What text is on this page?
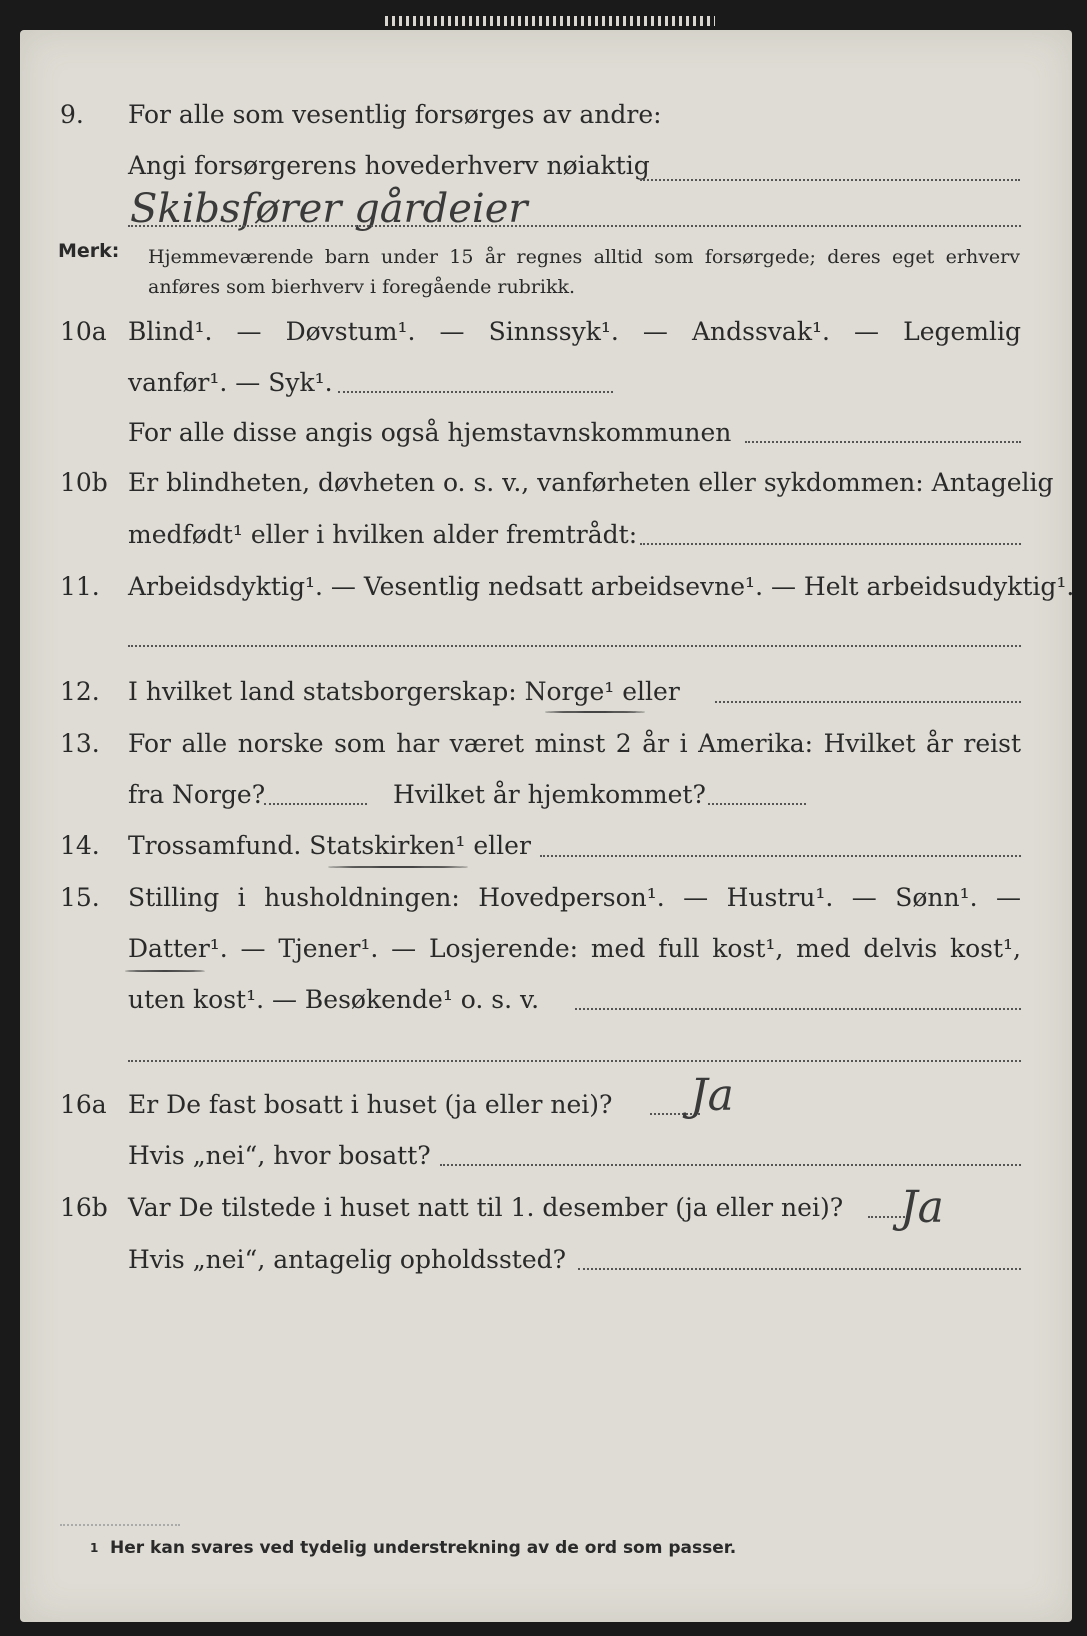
9. For alle som vesentlig forsørges av andre:
Angi forsørgerens hovederhverv nøiaktig
Skibsfører gårdeier
Merk: Hjemmeværende barn under 15 år regnes alltid som forsørgede; deres eget erhverv anføres som bierhverv i foregående rubrikk.
10a Blind¹. — Døvstum¹. — Sinnssyk¹. — Andssvak¹. — Legemlig
vanfør¹. — Syk¹.
For alle disse angis også hjemstavnskommunen
10b Er blindheten, døvheten o. s. v., vanførheten eller sykdommen: Antagelig
medfødt¹ eller i hvilken alder fremtrådt:
11. Arbeidsdyktig¹. — Vesentlig nedsatt arbeidsevne¹. — Helt arbeidsudyktig¹.
12. I hvilket land statsborgerskap: Norge¹ eller
13. For alle norske som har været minst 2 år i Amerika: Hvilket år reist
fra Norge?	Hvilket år hjemkommet?
14. Trossamfund. Statskirken¹ eller
15. Stilling i husholdningen: Hovedperson¹. — Hustru¹. — Sønn¹. —
Datter¹. — Tjener¹. — Losjerende: med full kost¹, med delvis kost¹,
uten kost¹. — Besøkende¹ o. s. v.
16a Er De fast bosatt i huset (ja eller nei)? Ja
Hvis „nei“, hvor bosatt?
16b Var De tilstede i huset natt til 1. desember (ja eller nei)? Ja
Hvis „nei“, antagelig opholdssted?
1 Her kan svares ved tydelig understrekning av de ord som passer.
